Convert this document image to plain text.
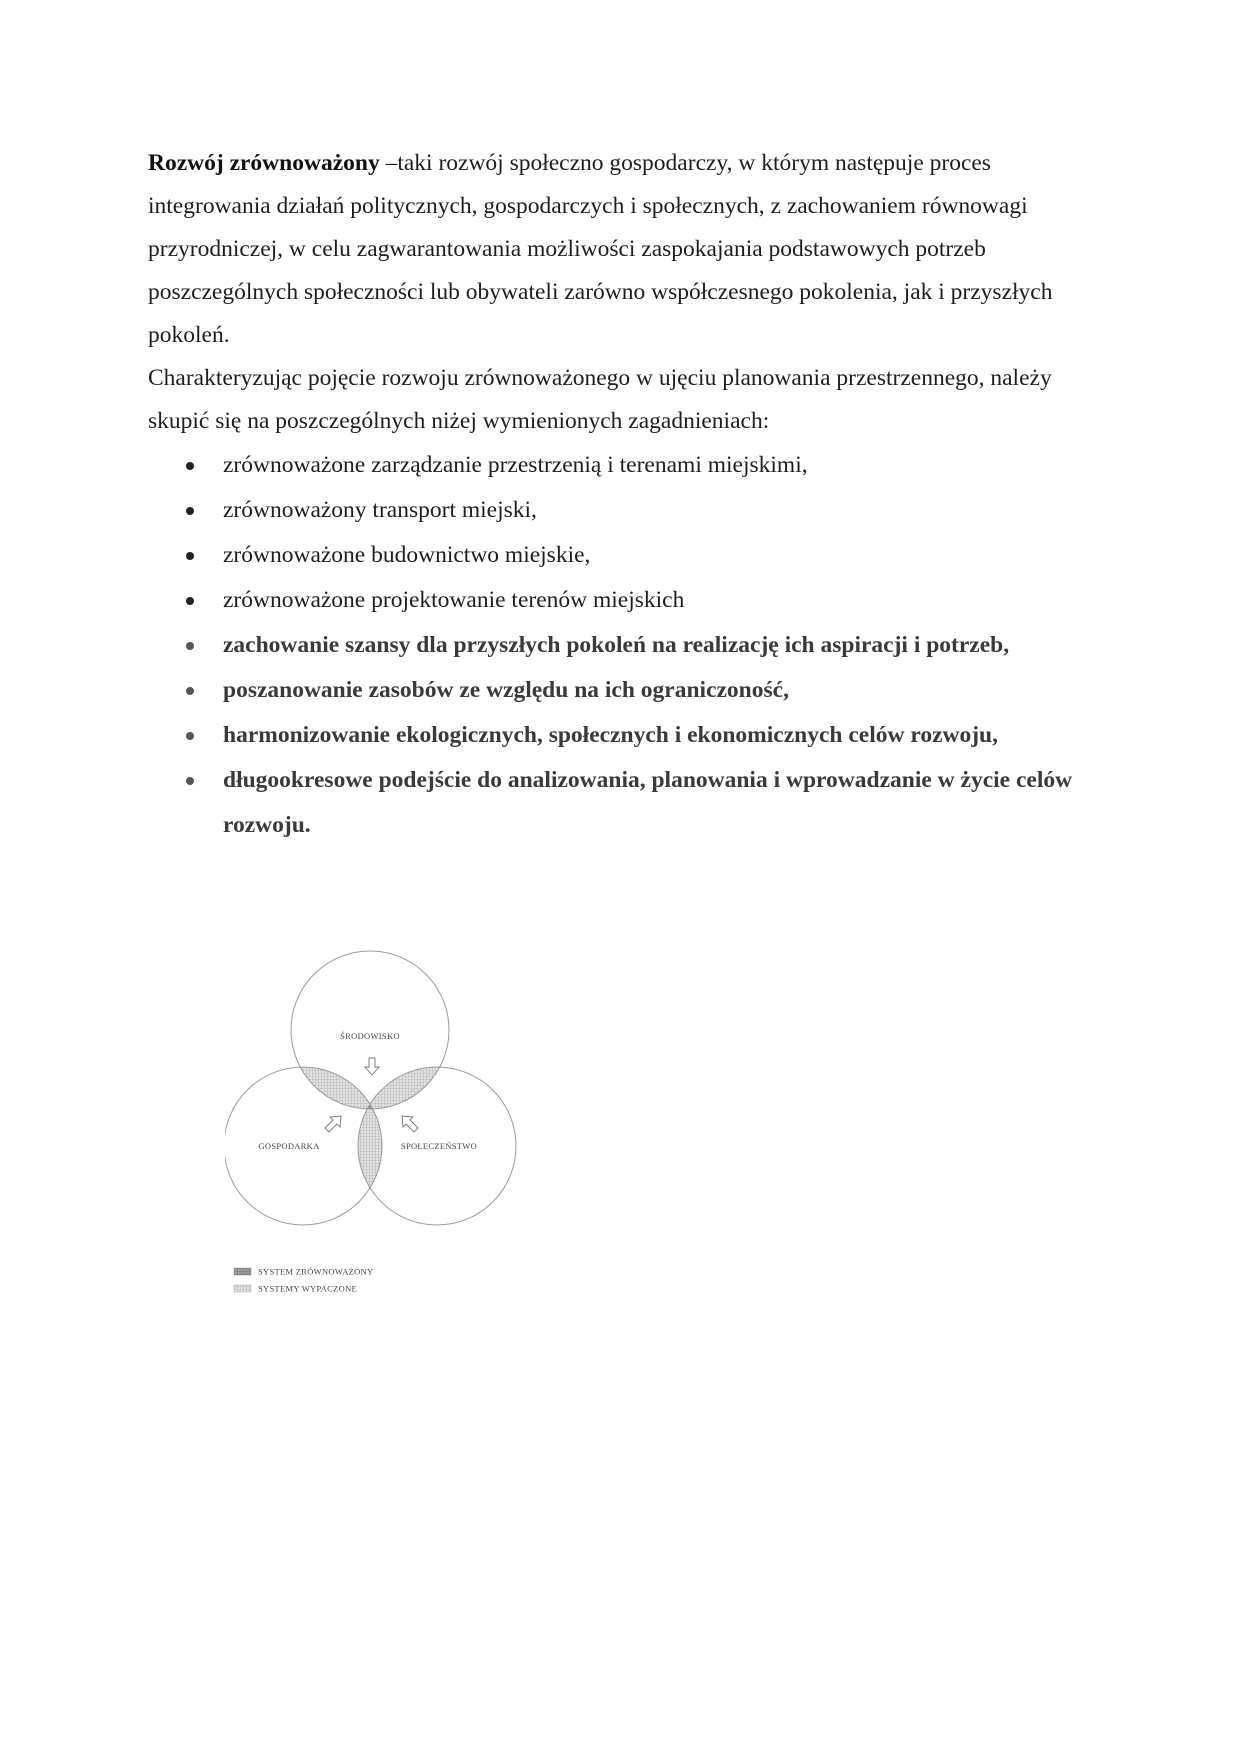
Rozwój zrównoważony –taki rozwój społeczno gospodarczy, w którym następuje proces integrowania działań politycznych, gospodarczych i społecznych, z zachowaniem równowagi przyrodniczej, w celu zagwarantowania możliwości zaspokajania podstawowych potrzeb poszczególnych społeczności lub obywateli zarówno współczesnego pokolenia, jak i przyszłych pokoleń.

Charakteryzując pojęcie rozwoju zrównoważonego w ujęciu planowania przestrzennego, należy skupić się na poszczególnych niżej wymienionych zagadnieniach:

zrównoważone zarządzanie przestrzenią i terenami miejskimi,
zrównoważony transport miejski,
zrównoważone budownictwo miejskie,
zrównoważone projektowanie terenów miejskich
zachowanie szansy dla przyszłych pokoleń na realizację ich aspiracji i potrzeb,
poszanowanie zasobów ze względu na ich ograniczoność,
harmonizowanie ekologicznych, społecznych i ekonomicznych celów rozwoju,
długookresowe podejście do analizowania, planowania i wprowadzanie w życie celów rozwoju.
ŚRODOWISKO
GOSPODARKA	SPOŁECZEŃSTWO
SYSTEM ZRÓWNOWAŻONY
SYSTEMY WYPACZONE
